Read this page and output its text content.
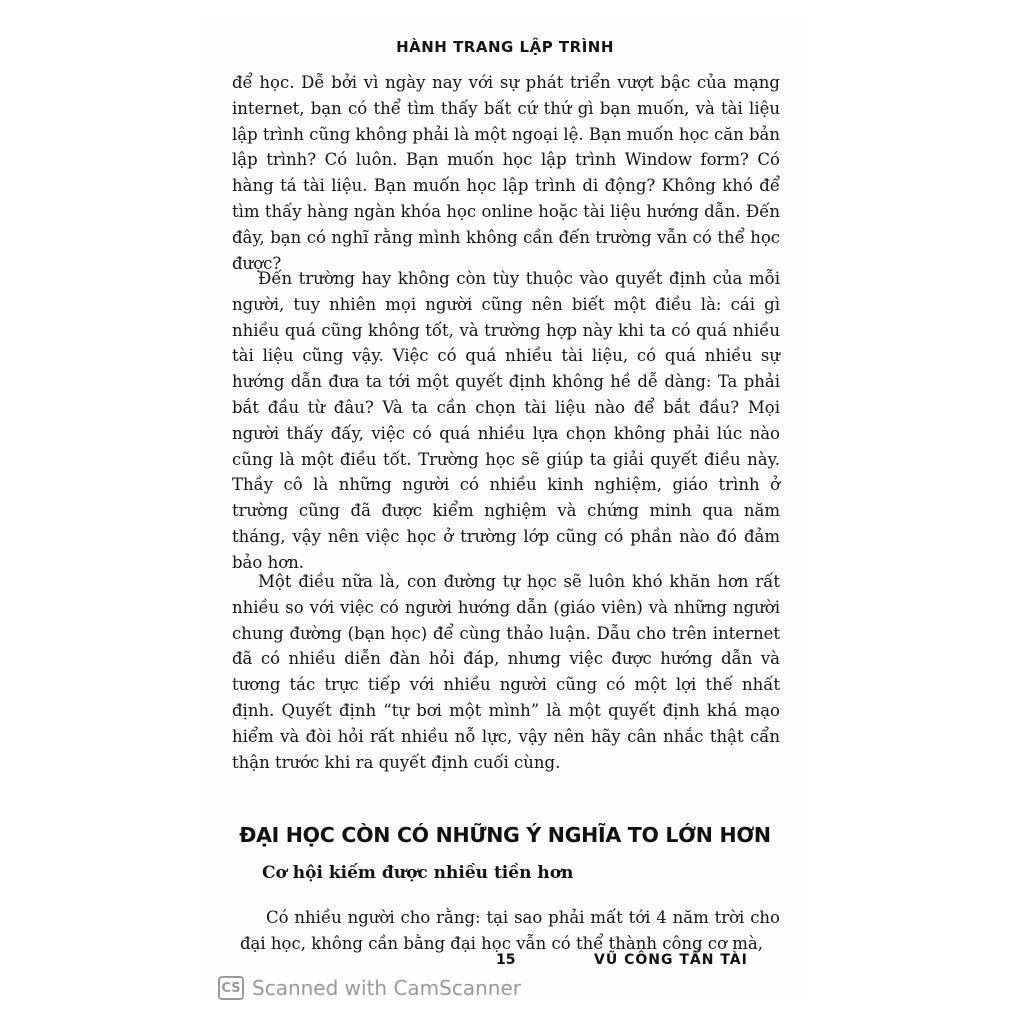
HÀNH TRANG LẬP TRÌNH

để học. Dễ bởi vì ngày nay với sự phát triển vượt bậc của mạng internet, bạn có thể tìm thấy bất cứ thứ gì bạn muốn, và tài liệu lập trình cũng không phải là một ngoại lệ. Bạn muốn học căn bản lập trình? Có luôn. Bạn muốn học lập trình Window form? Có hàng tá tài liệu. Bạn muốn học lập trình di động? Không khó để tìm thấy hàng ngàn khóa học online hoặc tài liệu hướng dẫn. Đến đây, bạn có nghĩ rằng mình không cần đến trường vẫn có thể học được?

Đến trường hay không còn tùy thuộc vào quyết định của mỗi người, tuy nhiên mọi người cũng nên biết một điều là: cái gì nhiều quá cũng không tốt, và trường hợp này khi ta có quá nhiều tài liệu cũng vậy. Việc có quá nhiều tài liệu, có quá nhiều sự hướng dẫn đưa ta tới một quyết định không hề dễ dàng: Ta phải bắt đầu từ đâu? Và ta cần chọn tài liệu nào để bắt đầu? Mọi người thấy đấy, việc có quá nhiều lựa chọn không phải lúc nào cũng là một điều tốt. Trường học sẽ giúp ta giải quyết điều này. Thầy cô là những người có nhiều kinh nghiệm, giáo trình ở trường cũng đã được kiểm nghiệm và chứng minh qua năm tháng, vậy nên việc học ở trường lớp cũng có phần nào đó đảm bảo hơn.

Một điều nữa là, con đường tự học sẽ luôn khó khăn hơn rất nhiều so với việc có người hướng dẫn (giáo viên) và những người chung đường (bạn học) để cùng thảo luận. Dẫu cho trên internet đã có nhiều diễn đàn hỏi đáp, nhưng việc được hướng dẫn và tương tác trực tiếp với nhiều người cũng có một lợi thế nhất định. Quyết định “tự bơi một mình” là một quyết định khá mạo hiểm và đòi hỏi rất nhiều nỗ lực, vậy nên hãy cân nhắc thật cẩn thận trước khi ra quyết định cuối cùng.

ĐẠI HỌC CÒN CÓ NHỮNG Ý NGHĨA TO LỚN HƠN
Cơ hội kiếm được nhiều tiền hơn

Có nhiều người cho rằng: tại sao phải mất tới 4 năm trời cho đại học, không cần bằng đại học vẫn có thể thành công cơ mà,

15	VŨ CÔNG TẤN TÀI
CS Scanned with CamScanner
